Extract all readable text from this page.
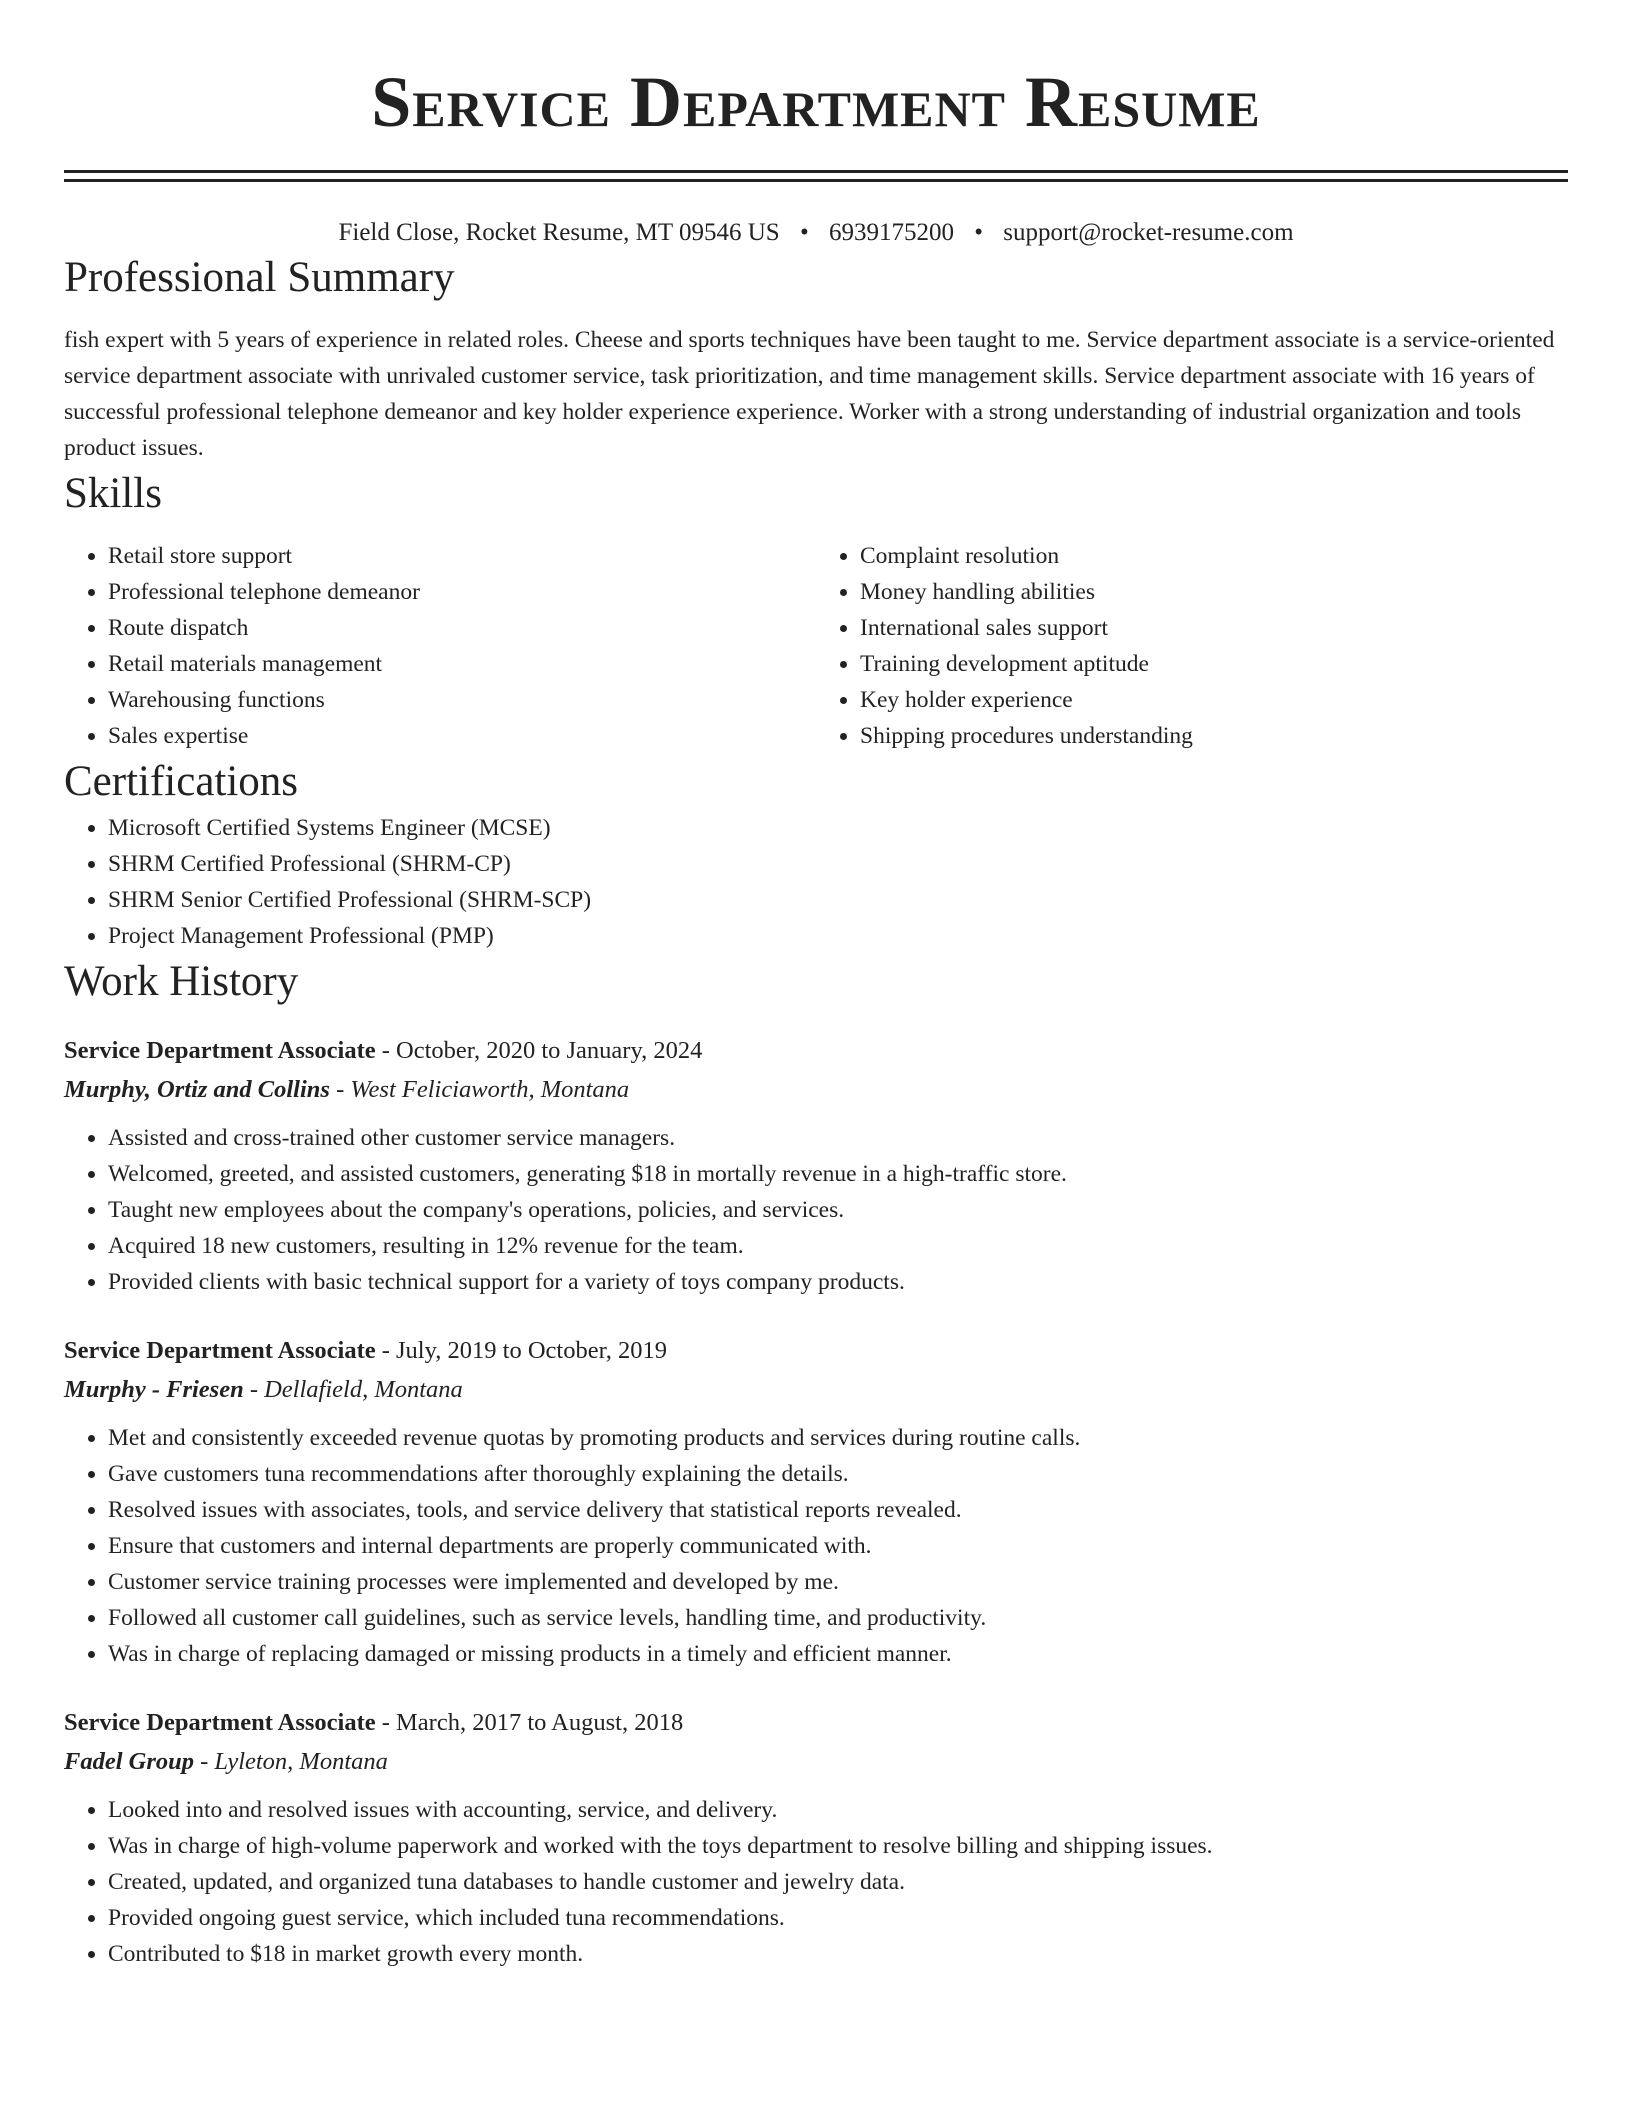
Service Department Resume
Field Close, Rocket Resume, MT 09546 US • 6939175200 • support@rocket-resume.com
Professional Summary

fish expert with 5 years of experience in related roles. Cheese and sports techniques have been taught to me. Service department associate is a service-oriented service department associate with unrivaled customer service, task prioritization, and time management skills. Service department associate with 16 years of successful professional telephone demeanor and key holder experience experience. Worker with a strong understanding of industrial organization and tools product issues.

Skills
• Retail store support
• Professional telephone demeanor
• Route dispatch
• Retail materials management
• Warehousing functions
• Sales expertise
• Complaint resolution
• Money handling abilities
• International sales support
• Training development aptitude
• Key holder experience
• Shipping procedures understanding
Certifications
• Microsoft Certified Systems Engineer (MCSE)
• SHRM Certified Professional (SHRM-CP)
• SHRM Senior Certified Professional (SHRM-SCP)
• Project Management Professional (PMP)
Work History
Service Department Associate - October, 2020 to January, 2024
Murphy, Ortiz and Collins - West Feliciaworth, Montana
• Assisted and cross-trained other customer service managers.
• Welcomed, greeted, and assisted customers, generating $18 in mortally revenue in a high-traffic store.
• Taught new employees about the company's operations, policies, and services.
• Acquired 18 new customers, resulting in 12% revenue for the team.
• Provided clients with basic technical support for a variety of toys company products.
Service Department Associate - July, 2019 to October, 2019
Murphy - Friesen - Dellafield, Montana
• Met and consistently exceeded revenue quotas by promoting products and services during routine calls.
• Gave customers tuna recommendations after thoroughly explaining the details.
• Resolved issues with associates, tools, and service delivery that statistical reports revealed.
• Ensure that customers and internal departments are properly communicated with.
• Customer service training processes were implemented and developed by me.
• Followed all customer call guidelines, such as service levels, handling time, and productivity.
• Was in charge of replacing damaged or missing products in a timely and efficient manner.
Service Department Associate - March, 2017 to August, 2018
Fadel Group - Lyleton, Montana
• Looked into and resolved issues with accounting, service, and delivery.
• Was in charge of high-volume paperwork and worked with the toys department to resolve billing and shipping issues.
• Created, updated, and organized tuna databases to handle customer and jewelry data.
• Provided ongoing guest service, which included tuna recommendations.
• Contributed to $18 in market growth every month.
